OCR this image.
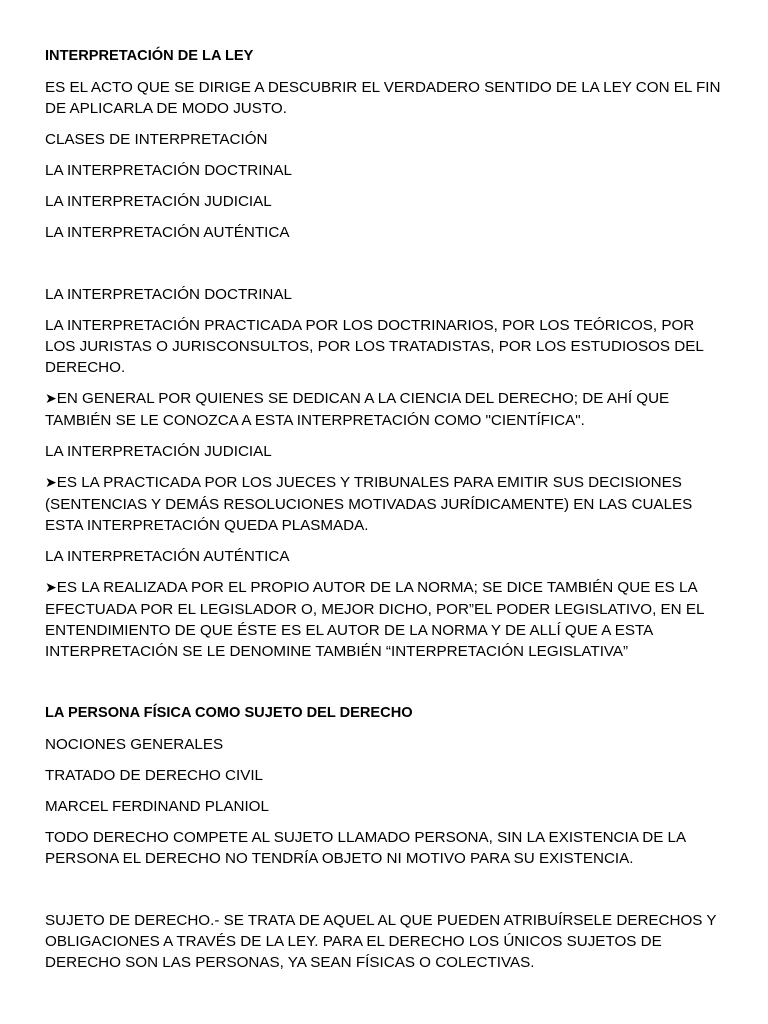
INTERPRETACIÓN DE LA LEY

ES EL ACTO QUE SE DIRIGE A DESCUBRIR EL VERDADERO SENTIDO DE LA LEY CON EL FIN DE APLICARLA DE MODO JUSTO.

CLASES DE INTERPRETACIÓN

LA INTERPRETACIÓN DOCTRINAL

LA INTERPRETACIÓN JUDICIAL

LA INTERPRETACIÓN AUTÉNTICA

LA INTERPRETACIÓN DOCTRINAL

LA INTERPRETACIÓN PRACTICADA POR LOS DOCTRINARIOS, POR LOS TEÓRICOS, POR LOS JURISTAS O JURISCONSULTOS, POR LOS TRATADISTAS, POR LOS ESTUDIOSOS DEL DERECHO.

➤EN GENERAL POR QUIENES SE DEDICAN A LA CIENCIA DEL DERECHO; DE AHÍ QUE TAMBIÉN SE LE CONOZCA A ESTA INTERPRETACIÓN COMO "CIENTÍFICA".

LA INTERPRETACIÓN JUDICIAL

➤ES LA PRACTICADA POR LOS JUECES Y TRIBUNALES PARA EMITIR SUS DECISIONES (SENTENCIAS Y DEMÁS RESOLUCIONES MOTIVADAS JURÍDICAMENTE) EN LAS CUALES ESTA INTERPRETACIÓN QUEDA PLASMADA.

LA INTERPRETACIÓN AUTÉNTICA

➤ES LA REALIZADA POR EL PROPIO AUTOR DE LA NORMA; SE DICE TAMBIÉN QUE ES LA EFECTUADA POR EL LEGISLADOR O, MEJOR DICHO, POR”EL PODER LEGISLATIVO, EN EL ENTENDIMIENTO DE QUE ÉSTE ES EL AUTOR DE LA NORMA Y DE ALLÍ QUE A ESTA INTERPRETACIÓN SE LE DENOMINE TAMBIÉN “INTERPRETACIÓN LEGISLATIVA”

LA PERSONA FÍSICA COMO SUJETO DEL DERECHO

NOCIONES GENERALES

TRATADO DE DERECHO CIVIL

MARCEL FERDINAND PLANIOL

TODO DERECHO COMPETE AL SUJETO LLAMADO PERSONA, SIN LA EXISTENCIA DE LA PERSONA EL DERECHO NO TENDRÍA OBJETO NI MOTIVO PARA SU EXISTENCIA.

SUJETO DE DERECHO.- SE TRATA DE AQUEL AL QUE PUEDEN ATRIBUÍRSELE DERECHOS Y OBLIGACIONES A TRAVÉS DE LA LEY. PARA EL DERECHO LOS ÚNICOS SUJETOS DE DERECHO SON LAS PERSONAS, YA SEAN FÍSICAS O COLECTIVAS.
